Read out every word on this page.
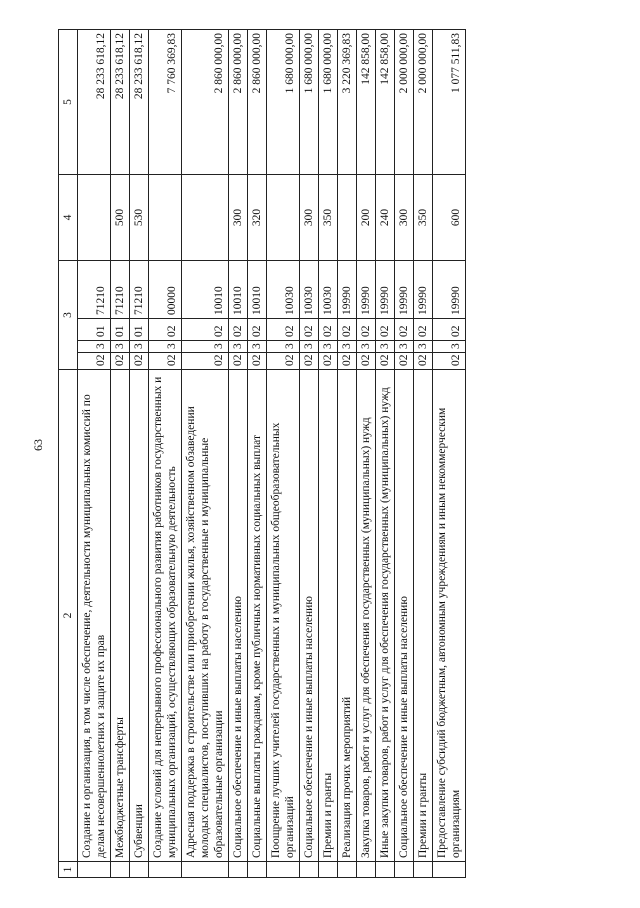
63
1	2	3				4	5
	Создание и организация, в том числе обеспечение, деятельности муниципальных комиссий по делам несовершеннолетних и защите их прав	02	3	01	71210		28 233 618,12
	Межбюджетные трансферты	02	3	01	71210	500	28 233 618,12
	Субвенции	02	3	01	71210	530	28 233 618,12
	Создание условий для непрерывного профессионального развития работников государственных и муниципальных организаций, осуществляющих образовательную деятельность	02	3	02	00000		7 760 369,83
	Адресная поддержка в строительстве или приобретении жилья, хозяйственном обзаведении молодых специалистов, поступивших на работу в государственные и муниципальные образовательные организации	02	3	02	10010		2 860 000,00
	Социальное обеспечение и иные выплаты населению	02	3	02	10010	300	2 860 000,00
	Социальные выплаты гражданам, кроме публичных нормативных социальных выплат	02	3	02	10010	320	2 860 000,00
	Поощрение лучших учителей государственных и муниципальных общеобразовательных организаций	02	3	02	10030		1 680 000,00
	Социальное обеспечение и иные выплаты населению	02	3	02	10030	300	1 680 000,00
	Премии и гранты	02	3	02	10030	350	1 680 000,00
	Реализация прочих мероприятий	02	3	02	19990		3 220 369,83
	Закупка товаров, работ и услуг для обеспечения государственных (муниципальных) нужд	02	3	02	19990	200	142 858,00
	Иные закупки товаров, работ и услуг для обеспечения государственных (муниципальных) нужд	02	3	02	19990	240	142 858,00
	Социальное обеспечение и иные выплаты населению	02	3	02	19990	300	2 000 000,00
	Премии и гранты	02	3	02	19990	350	2 000 000,00
	Предоставление субсидий бюджетным, автономным учреждениям и иным некоммерческим организациям	02	3	02	19990	600	1 077 511,83
